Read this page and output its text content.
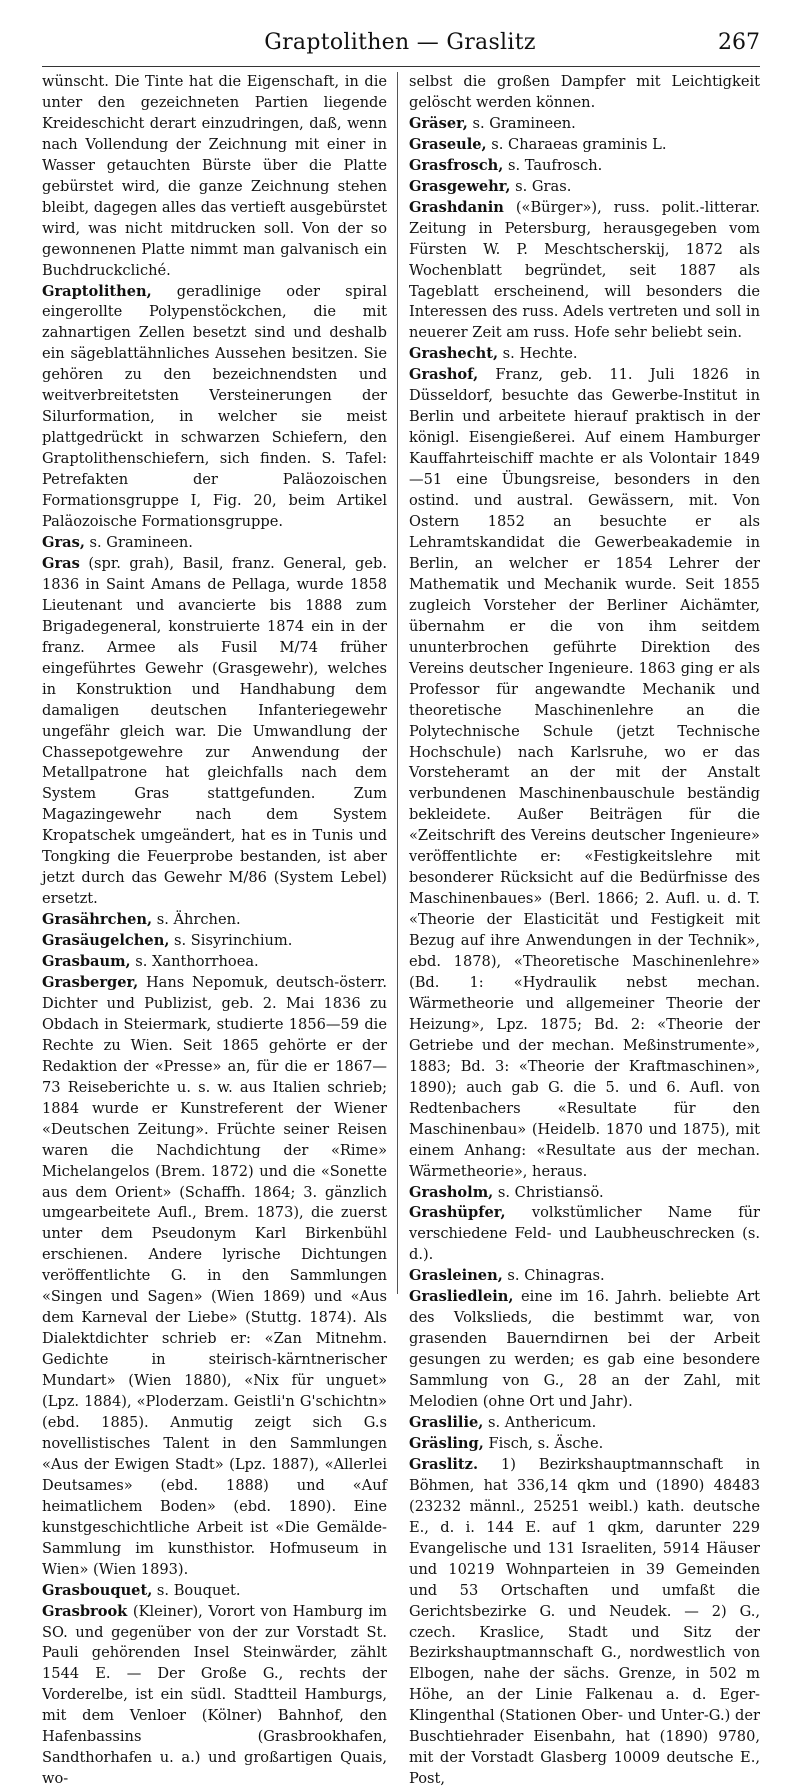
Graptolithen — Graslitz	267

wünscht. Die Tinte hat die Eigenschaft, in die unter den gezeichneten Partien liegende Kreideschicht derart einzudringen, daß, wenn nach Vollendung der Zeichnung mit einer in Wasser getauchten Bürste über die Platte gebürstet wird, die ganze Zeichnung stehen bleibt, dagegen alles das vertieft ausgebürstet wird, was nicht mitdrucken soll. Von der so gewonnenen Platte nimmt man galvanisch ein Buchdruckcliché.

Graptolithen, geradlinige oder spiral eingerollte Polypenstöckchen, die mit zahnartigen Zellen besetzt sind und deshalb ein sägeblattähnliches Aussehen besitzen. Sie gehören zu den bezeichnendsten und weitverbreitetsten Versteinerungen der Silurformation, in welcher sie meist plattgedrückt in schwarzen Schiefern, den Graptolithenschiefern, sich finden. S. Tafel: Petrefakten der Paläozoischen Formationsgruppe I, Fig. 20, beim Artikel Paläozoische Formationsgruppe.

Gras, s. Gramineen.

Gras (spr. grah), Basil, franz. General, geb. 1836 in Saint Amans de Pellaga, wurde 1858 Lieutenant und avancierte bis 1888 zum Brigadegeneral, konstruierte 1874 ein in der franz. Armee als Fusil M/74 früher eingeführtes Gewehr (Grasgewehr), welches in Konstruktion und Handhabung dem damaligen deutschen Infanteriegewehr ungefähr gleich war. Die Umwandlung der Chassepotgewehre zur Anwendung der Metallpatrone hat gleichfalls nach dem System Gras stattgefunden. Zum Magazingewehr nach dem System Kropatschek umgeändert, hat es in Tunis und Tongking die Feuerprobe bestanden, ist aber jetzt durch das Gewehr M/86 (System Lebel) ersetzt.

Grasährchen, s. Ährchen.

Grasäugelchen, s. Sisyrinchium.

Grasbaum, s. Xanthorrhoea.

Grasberger, Hans Nepomuk, deutsch-österr. Dichter und Publizist, geb. 2. Mai 1836 zu Obdach in Steiermark, studierte 1856—59 die Rechte zu Wien. Seit 1865 gehörte er der Redaktion der «Presse» an, für die er 1867—73 Reiseberichte u. s. w. aus Italien schrieb; 1884 wurde er Kunstreferent der Wiener «Deutschen Zeitung». Früchte seiner Reisen waren die Nachdichtung der «Rime» Michelangelos (Brem. 1872) und die «Sonette aus dem Orient» (Schaffh. 1864; 3. gänzlich umgearbeitete Aufl., Brem. 1873), die zuerst unter dem Pseudonym Karl Birkenbühl erschienen. Andere lyrische Dichtungen veröffentlichte G. in den Sammlungen «Singen und Sagen» (Wien 1869) und «Aus dem Karneval der Liebe» (Stuttg. 1874). Als Dialektdichter schrieb er: «Zan Mitnehm. Gedichte in steirisch-kärntnerischer Mundart» (Wien 1880), «Nix für unguet» (Lpz. 1884), «Ploderzam. Geistli'n G'schichtn» (ebd. 1885). Anmutig zeigt sich G.s novellistisches Talent in den Sammlungen «Aus der Ewigen Stadt» (Lpz. 1887), «Allerlei Deutsames» (ebd. 1888) und «Auf heimatlichem Boden» (ebd. 1890). Eine kunstgeschichtliche Arbeit ist «Die Gemälde-Sammlung im kunsthistor. Hofmuseum in Wien» (Wien 1893).

Grasbouquet, s. Bouquet.

Grasbrook (Kleiner), Vorort von Hamburg im SO. und gegenüber von der zur Vorstadt St. Pauli gehörenden Insel Steinwärder, zählt 1544 E. — Der Große G., rechts der Vorderelbe, ist ein südl. Stadtteil Hamburgs, mit dem Venloer (Kölner) Bahnhof, den Hafenbassins (Grasbrookhafen, Sandthorhafen u. a.) und großartigen Quais, wo-

selbst die großen Dampfer mit Leichtigkeit gelöscht werden können.

Gräser, s. Gramineen.

Graseule, s. Charaeas graminis L.

Grasfrosch, s. Taufrosch.

Grasgewehr, s. Gras.

Grashdanin («Bürger»), russ. polit.-litterar. Zeitung in Petersburg, herausgegeben vom Fürsten W. P. Meschtscherskij, 1872 als Wochenblatt begründet, seit 1887 als Tageblatt erscheinend, will besonders die Interessen des russ. Adels vertreten und soll in neuerer Zeit am russ. Hofe sehr beliebt sein.

Grashecht, s. Hechte.

Grashof, Franz, geb. 11. Juli 1826 in Düsseldorf, besuchte das Gewerbe-Institut in Berlin und arbeitete hierauf praktisch in der königl. Eisengießerei. Auf einem Hamburger Kauffahrteischiff machte er als Volontair 1849—51 eine Übungsreise, besonders in den ostind. und austral. Gewässern, mit. Von Ostern 1852 an besuchte er als Lehramtskandidat die Gewerbeakademie in Berlin, an welcher er 1854 Lehrer der Mathematik und Mechanik wurde. Seit 1855 zugleich Vorsteher der Berliner Aichämter, übernahm er die von ihm seitdem ununterbrochen geführte Direktion des Vereins deutscher Ingenieure. 1863 ging er als Professor für angewandte Mechanik und theoretische Maschinenlehre an die Polytechnische Schule (jetzt Technische Hochschule) nach Karlsruhe, wo er das Vorsteheramt an der mit der Anstalt verbundenen Maschinenbauschule beständig bekleidete. Außer Beiträgen für die «Zeitschrift des Vereins deutscher Ingenieure» veröffentlichte er: «Festigkeitslehre mit besonderer Rücksicht auf die Bedürfnisse des Maschinenbaues» (Berl. 1866; 2. Aufl. u. d. T. «Theorie der Elasticität und Festigkeit mit Bezug auf ihre Anwendungen in der Technik», ebd. 1878), «Theoretische Maschinenlehre» (Bd. 1: «Hydraulik nebst mechan. Wärmetheorie und allgemeiner Theorie der Heizung», Lpz. 1875; Bd. 2: «Theorie der Getriebe und der mechan. Meßinstrumente», 1883; Bd. 3: «Theorie der Kraftmaschinen», 1890); auch gab G. die 5. und 6. Aufl. von Redtenbachers «Resultate für den Maschinenbau» (Heidelb. 1870 und 1875), mit einem Anhang: «Resultate aus der mechan. Wärmetheorie», heraus.

Grasholm, s. Christiansö.

Grashüpfer, volkstümlicher Name für verschiedene Feld- und Laubheuschrecken (s. d.).

Grasleinen, s. Chinagras.

Grasliedlein, eine im 16. Jahrh. beliebte Art des Volkslieds, die bestimmt war, von grasenden Bauerndirnen bei der Arbeit gesungen zu werden; es gab eine besondere Sammlung von G., 28 an der Zahl, mit Melodien (ohne Ort und Jahr).

Graslilie, s. Anthericum.

Gräsling, Fisch, s. Äsche.

Graslitz. 1) Bezirkshauptmannschaft in Böhmen, hat 336,14 qkm und (1890) 48483 (23232 männl., 25251 weibl.) kath. deutsche E., d. i. 144 E. auf 1 qkm, darunter 229 Evangelische und 131 Israeliten, 5914 Häuser und 10219 Wohnparteien in 39 Gemeinden und 53 Ortschaften und umfaßt die Gerichtsbezirke G. und Neudek. — 2) G., czech. Kraslice, Stadt und Sitz der Bezirkshauptmannschaft G., nordwestlich von Elbogen, nahe der sächs. Grenze, in 502 m Höhe, an der Linie Falkenau a. d. Eger-Klingenthal (Stationen Ober- und Unter-G.) der Buschtiehrader Eisenbahn, hat (1890) 9780, mit der Vorstadt Glasberg 10009 deutsche E., Post,
